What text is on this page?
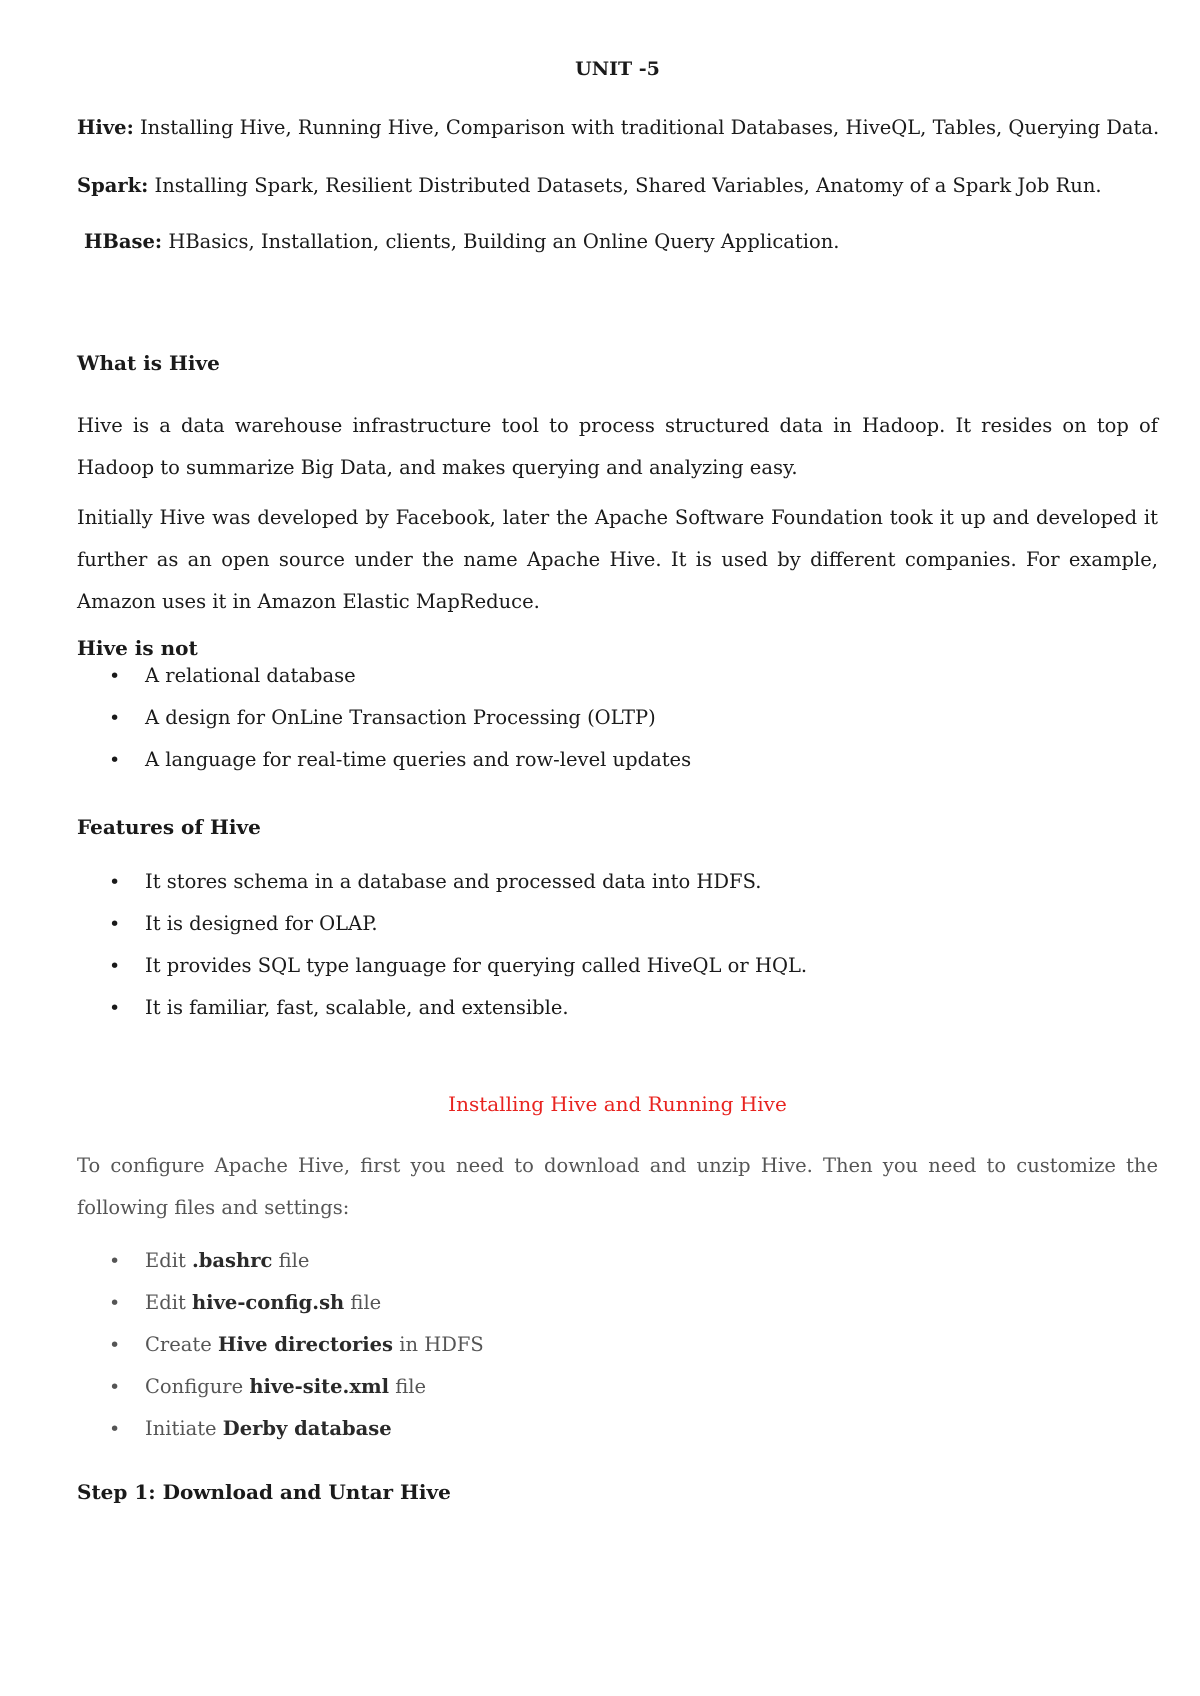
UNIT -5
Hive: Installing Hive, Running Hive, Comparison with traditional Databases, HiveQL, Tables, Querying Data.
Spark: Installing Spark, Resilient Distributed Datasets, Shared Variables, Anatomy of a Spark Job Run.
HBase: HBasics, Installation, clients, Building an Online Query Application.
What is Hive
Hive is a data warehouse infrastructure tool to process structured data in Hadoop. It resides on top of Hadoop to summarize Big Data, and makes querying and analyzing easy.
Initially Hive was developed by Facebook, later the Apache Software Foundation took it up and developed it further as an open source under the name Apache Hive. It is used by different companies. For example, Amazon uses it in Amazon Elastic MapReduce.
Hive is not
• A relational database
• A design for OnLine Transaction Processing (OLTP)
• A language for real-time queries and row-level updates
Features of Hive
• It stores schema in a database and processed data into HDFS.
• It is designed for OLAP.
• It provides SQL type language for querying called HiveQL or HQL.
• It is familiar, fast, scalable, and extensible.
Installing Hive and Running Hive
To configure Apache Hive, first you need to download and unzip Hive. Then you need to customize the following files and settings:
• Edit .bashrc file
• Edit hive-config.sh file
• Create Hive directories in HDFS
• Configure hive-site.xml file
• Initiate Derby database
Step 1: Download and Untar Hive
